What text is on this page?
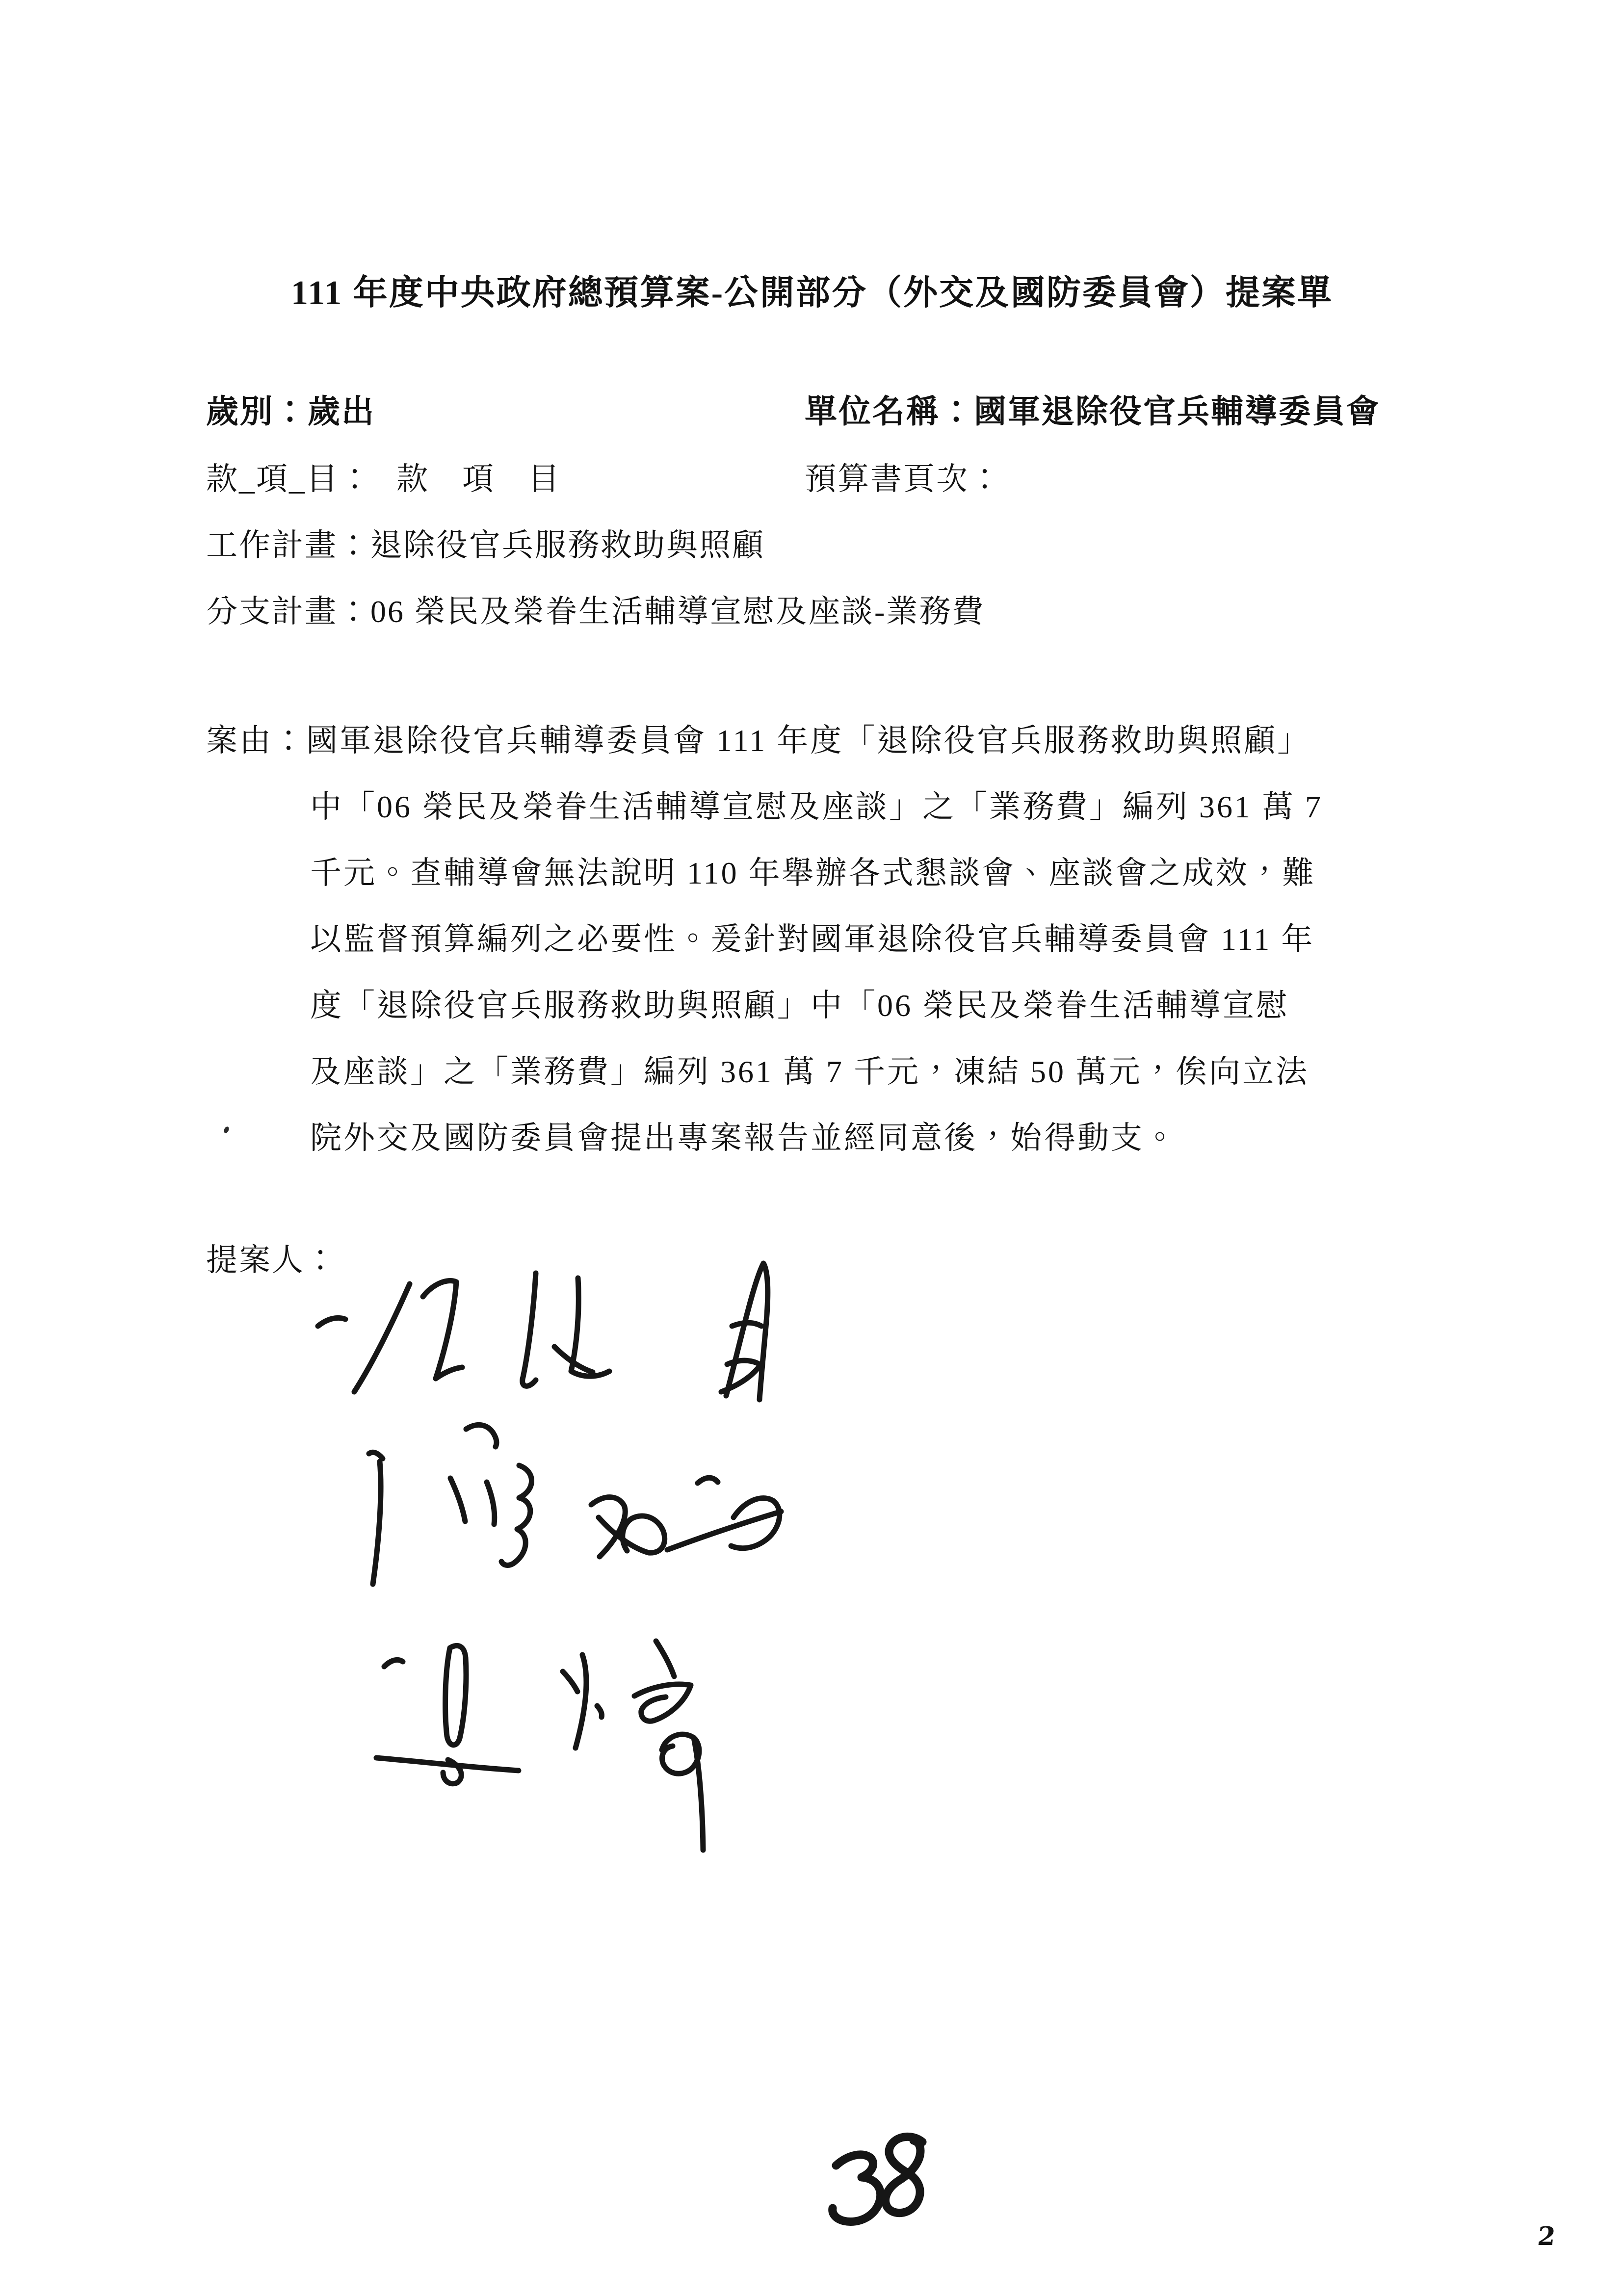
111 年度中央政府總預算案-公開部分（外交及國防委員會）提案單
歲別：歲出	單位名稱：國軍退除役官兵輔導委員會
款_項_目： 款　項　目	預算書頁次：
工作計畫：退除役官兵服務救助與照顧
分支計畫：06 榮民及榮眷生活輔導宣慰及座談-業務費
案由：國軍退除役官兵輔導委員會 111 年度「退除役官兵服務救助與照顧」
中「06 榮民及榮眷生活輔導宣慰及座談」之「業務費」編列 361 萬 7
千元。查輔導會無法說明 110 年舉辦各式懇談會、座談會之成效，難
以監督預算編列之必要性。爰針對國軍退除役官兵輔導委員會 111 年
度「退除役官兵服務救助與照顧」中「06 榮民及榮眷生活輔導宣慰
及座談」之「業務費」編列 361 萬 7 千元，凍結 50 萬元，俟向立法
院外交及國防委員會提出專案報告並經同意後，始得動支。
提案人：
2
